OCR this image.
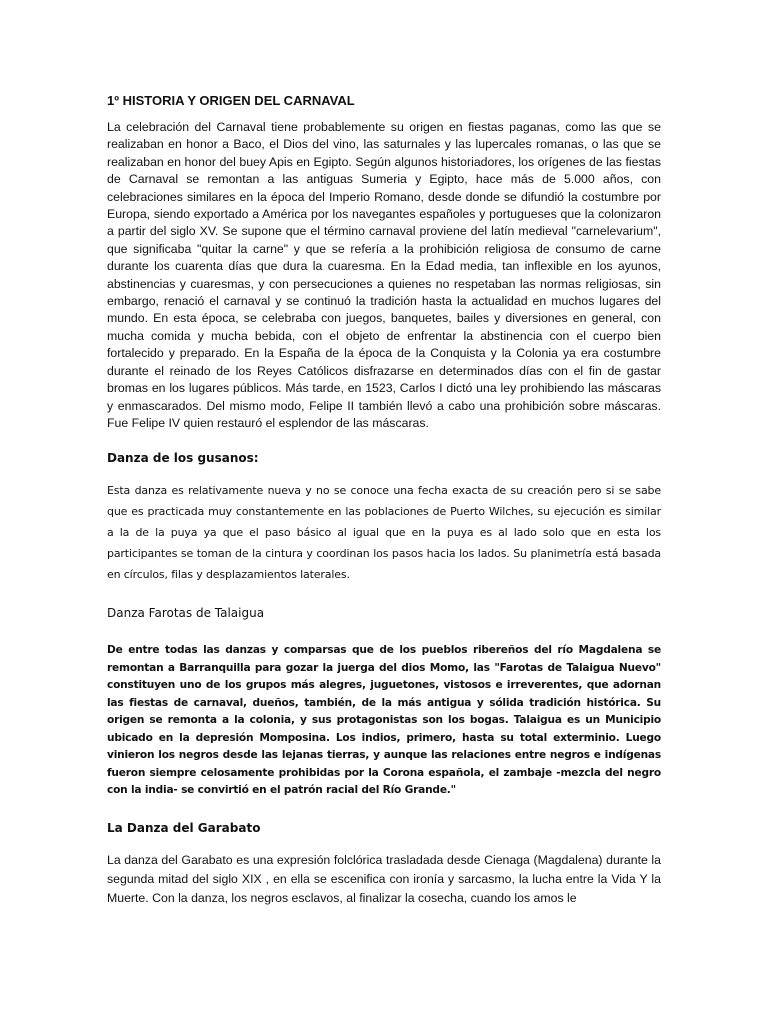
1º HISTORIA Y ORIGEN DEL CARNAVAL

La celebración del Carnaval tiene probablemente su origen en fiestas paganas, como las que se realizaban en honor a Baco, el Dios del vino, las saturnales y las lupercales romanas, o las que se realizaban en honor del buey Apis en Egipto. Según algunos historiadores, los orígenes de las fiestas de Carnaval se remontan a las antiguas Sumeria y Egipto, hace más de 5.000 años, con celebraciones similares en la época del Imperio Romano, desde donde se difundió la costumbre por Europa, siendo exportado a América por los navegantes españoles y portugueses que la colonizaron a partir del siglo XV. Se supone que el término carnaval proviene del latín medieval "carnelevarium", que significaba "quitar la carne" y que se refería a la prohibición religiosa de consumo de carne durante los cuarenta días que dura la cuaresma. En la Edad media, tan inflexible en los ayunos, abstinencias y cuaresmas, y con persecuciones a quienes no respetaban las normas religiosas, sin embargo, renació el carnaval y se continuó la tradición hasta la actualidad en muchos lugares del mundo. En esta época, se celebraba con juegos, banquetes, bailes y diversiones en general, con mucha comida y mucha bebida, con el objeto de enfrentar la abstinencia con el cuerpo bien fortalecido y preparado. En la España de la época de la Conquista y la Colonia ya era costumbre durante el reinado de los Reyes Católicos disfrazarse en determinados días con el fin de gastar bromas en los lugares públicos. Más tarde, en 1523, Carlos I dictó una ley prohibiendo las máscaras y enmascarados. Del mismo modo, Felipe II también llevó a cabo una prohibición sobre máscaras. Fue Felipe IV quien restauró el esplendor de las máscaras.

Danza de los gusanos:

Esta danza es relativamente nueva y no se conoce una fecha exacta de su creación pero si se sabe que es practicada muy constantemente en las poblaciones de Puerto Wilches, su ejecución es similar a la de la puya ya que el paso básico al igual que en la puya es al lado solo que en esta los participantes se toman de la cintura y coordinan los pasos hacia los lados. Su planimetría está basada en círculos, filas y desplazamientos laterales.

Danza Farotas de Talaigua

De entre todas las danzas y comparsas que de los pueblos ribereños del río Magdalena se remontan a Barranquilla para gozar la juerga del dios Momo, las "Farotas de Talaigua Nuevo" constituyen uno de los grupos más alegres, juguetones, vistosos e irreverentes, que adornan las fiestas de carnaval, dueños, también, de la más antigua y sólida tradición histórica. Su origen se remonta a la colonia, y sus protagonistas son los bogas. Talaigua es un Municipio ubicado en la depresión Momposina. Los indios, primero, hasta su total exterminio. Luego vinieron los negros desde las lejanas tierras, y aunque las relaciones entre negros e indígenas fueron siempre celosamente prohibidas por la Corona española, el zambaje -mezcla del negro con la india- se convirtió en el patrón racial del Río Grande."

La Danza del Garabato

La danza del Garabato es una expresión folclórica trasladada desde Cienaga (Magdalena) durante la segunda mitad del siglo XIX , en ella se escenifica con ironía y sarcasmo, la lucha entre la Vida Y la Muerte. Con la danza, los negros esclavos, al finalizar la cosecha, cuando los amos le
